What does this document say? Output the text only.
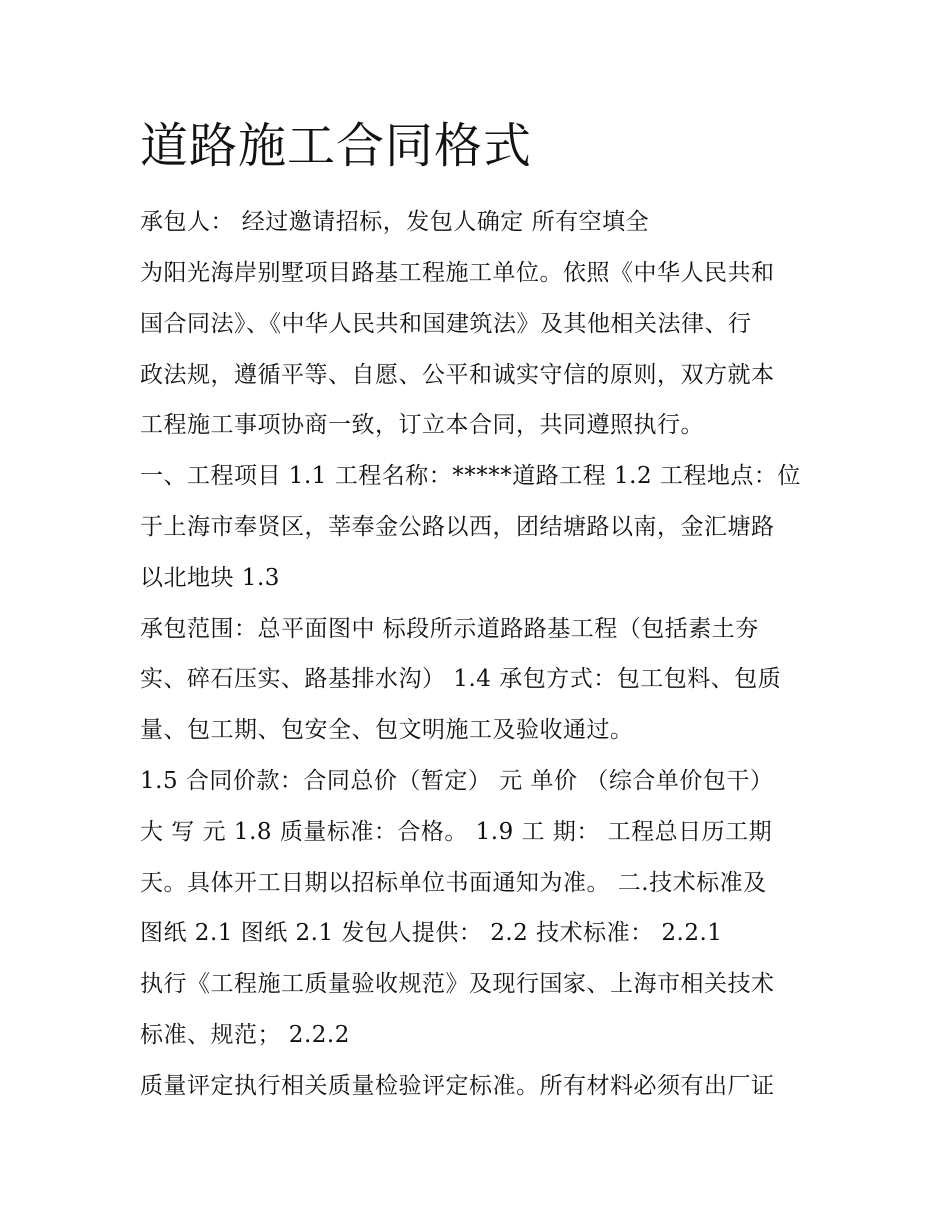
道路施工合同格式
承包人： 经过邀请招标，发包人确定 所有空填全
为阳光海岸别墅项目路基工程施工单位。依照《中华人民共和
国合同法》、《中华人民共和国建筑法》及其他相关法律、行
政法规，遵循平等、自愿、公平和诚实守信的原则，双方就本
工程施工事项协商一致，订立本合同，共同遵照执行。
一、工程项目 1.1 工程名称：*****道路工程 1.2 工程地点：位
于上海市奉贤区，莘奉金公路以西，团结塘路以南，金汇塘路
以北地块 1.3
承包范围：总平面图中 标段所示道路路基工程（包括素土夯
实、碎石压实、路基排水沟） 1.4 承包方式：包工包料、包质
量、包工期、包安全、包文明施工及验收通过。
1.5 合同价款：合同总价（暂定） 元 单价 （综合单价包干）
大 写 元 1.8 质量标准：合格。 1.9 工 期： 工程总日历工期
天。具体开工日期以招标单位书面通知为准。 二.技术标准及
图纸 2.1 图纸 2.1 发包人提供： 2.2 技术标准： 2.2.1
执行《工程施工质量验收规范》及现行国家、上海市相关技术
标准、规范； 2.2.2
质量评定执行相关质量检验评定标准。所有材料必须有出厂证
